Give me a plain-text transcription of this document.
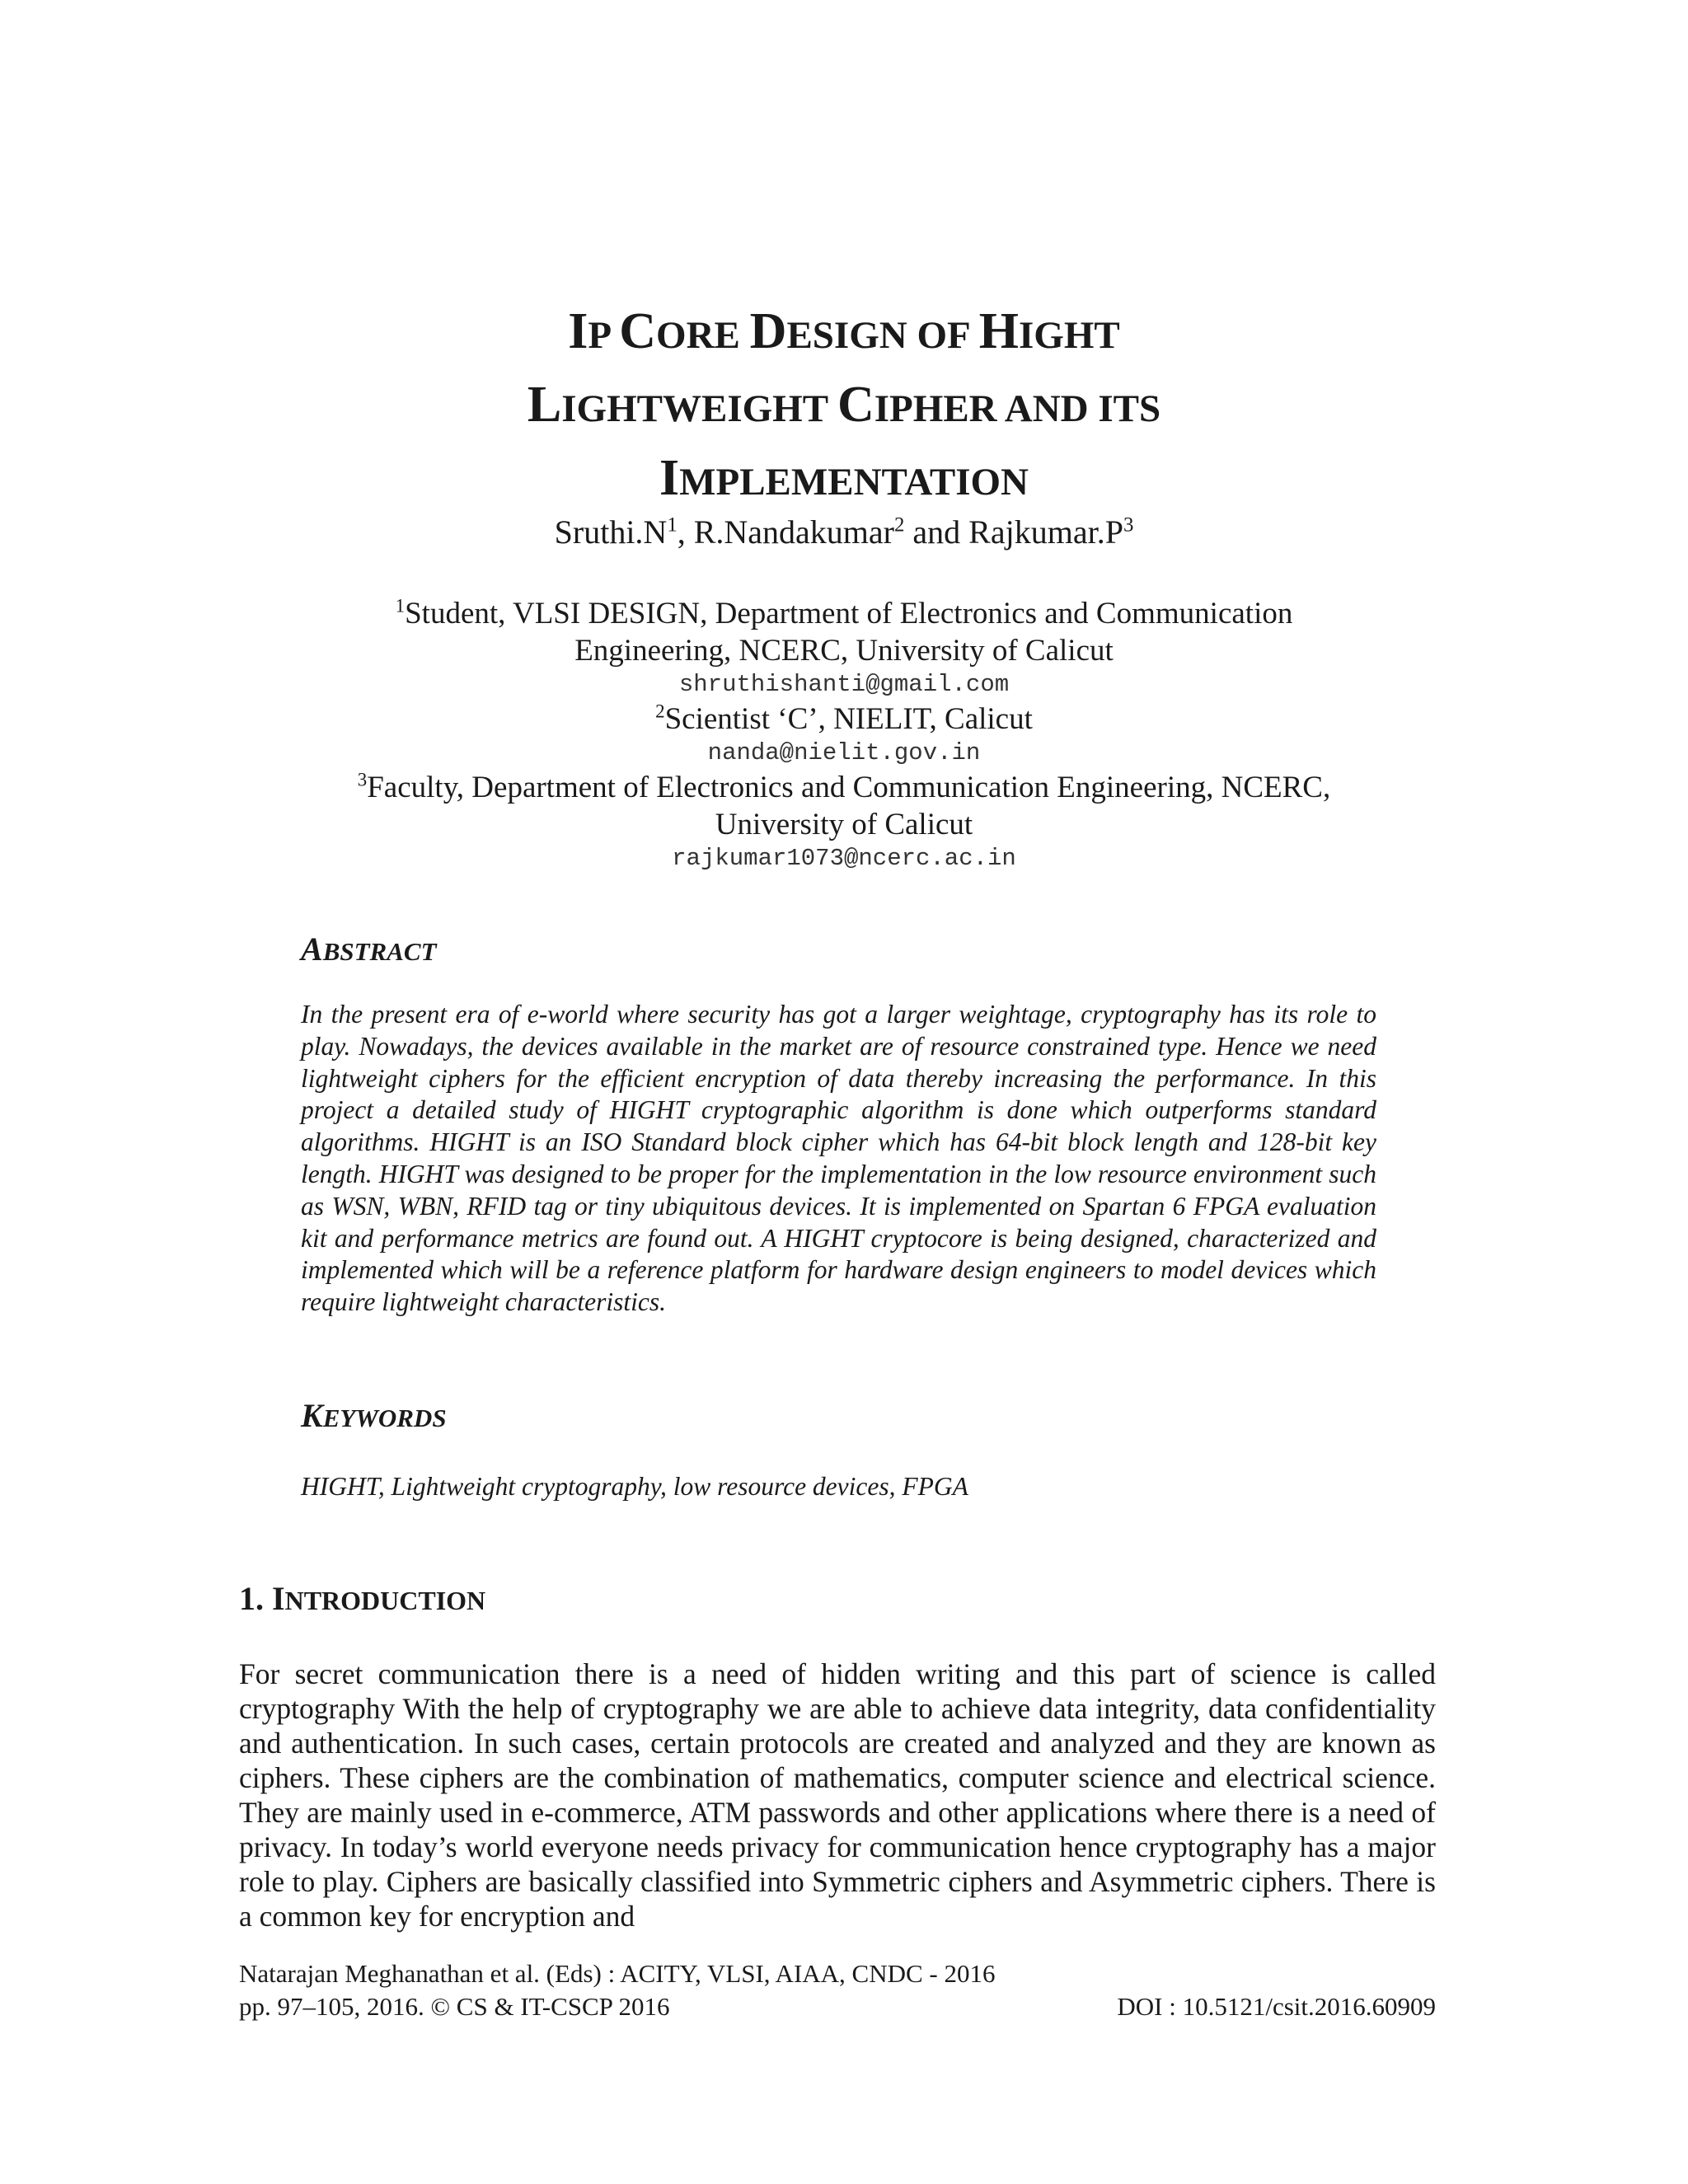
IP CORE DESIGN OF HIGHT
LIGHTWEIGHT CIPHER AND ITS
IMPLEMENTATION
$Sruthi.N^1$, R.Nandakumar$^2$ and $Rajkumar.P^3$
$^1$Student, VLSI DESIGN, Department of Electronics and Communication
Engineering, NCERC, University of Calicut
shruthishanti@gmail.com
$^2$Scientist ‘C’, NIELIT, Calicut
nanda@nielit.gov.in
$^3$Faculty, Department of Electronics and Communication Engineering, NCERC,
University of Calicut
rajkumar1073@ncerc.ac.in
ABSTRACT
In the present era of e-world where security has got a larger weightage, cryptography has its role to play. Nowadays, the devices available in the market are of resource constrained type. Hence we need lightweight ciphers for the efficient encryption of data thereby increasing the performance. In this project a detailed study of HIGHT cryptographic algorithm is done which outperforms standard algorithms. HIGHT is an ISO Standard block cipher which has 64-bit block length and 128-bit key length. HIGHT was designed to be proper for the implementation in the low resource environment such as WSN, WBN, RFID tag or tiny ubiquitous devices. It is implemented on Spartan 6 FPGA evaluation kit and performance metrics are found out. A HIGHT cryptocore is being designed, characterized and implemented which will be a reference platform for hardware design engineers to model devices which require lightweight characteristics.
KEYWORDS
HIGHT, Lightweight cryptography, low resource devices, FPGA
1. INTRODUCTION
For secret communication there is a need of hidden writing and this part of science is called cryptography With the help of cryptography we are able to achieve data integrity, data confidentiality and authentication. In such cases, certain protocols are created and analyzed and they are known as ciphers. These ciphers are the combination of mathematics, computer science and electrical science. They are mainly used in e-commerce, ATM passwords and other applications where there is a need of privacy. In today’s world everyone needs privacy for communication hence cryptography has a major role to play. Ciphers are basically classified into Symmetric ciphers and Asymmetric ciphers. There is a common key for encryption and
Natarajan Meghanathan et al. (Eds) : ACITY, VLSI, AIAA, CNDC - 2016
pp. 97–105, 2016. © CS & IT-CSCP 2016	DOI : 10.5121/csit.2016.60909
